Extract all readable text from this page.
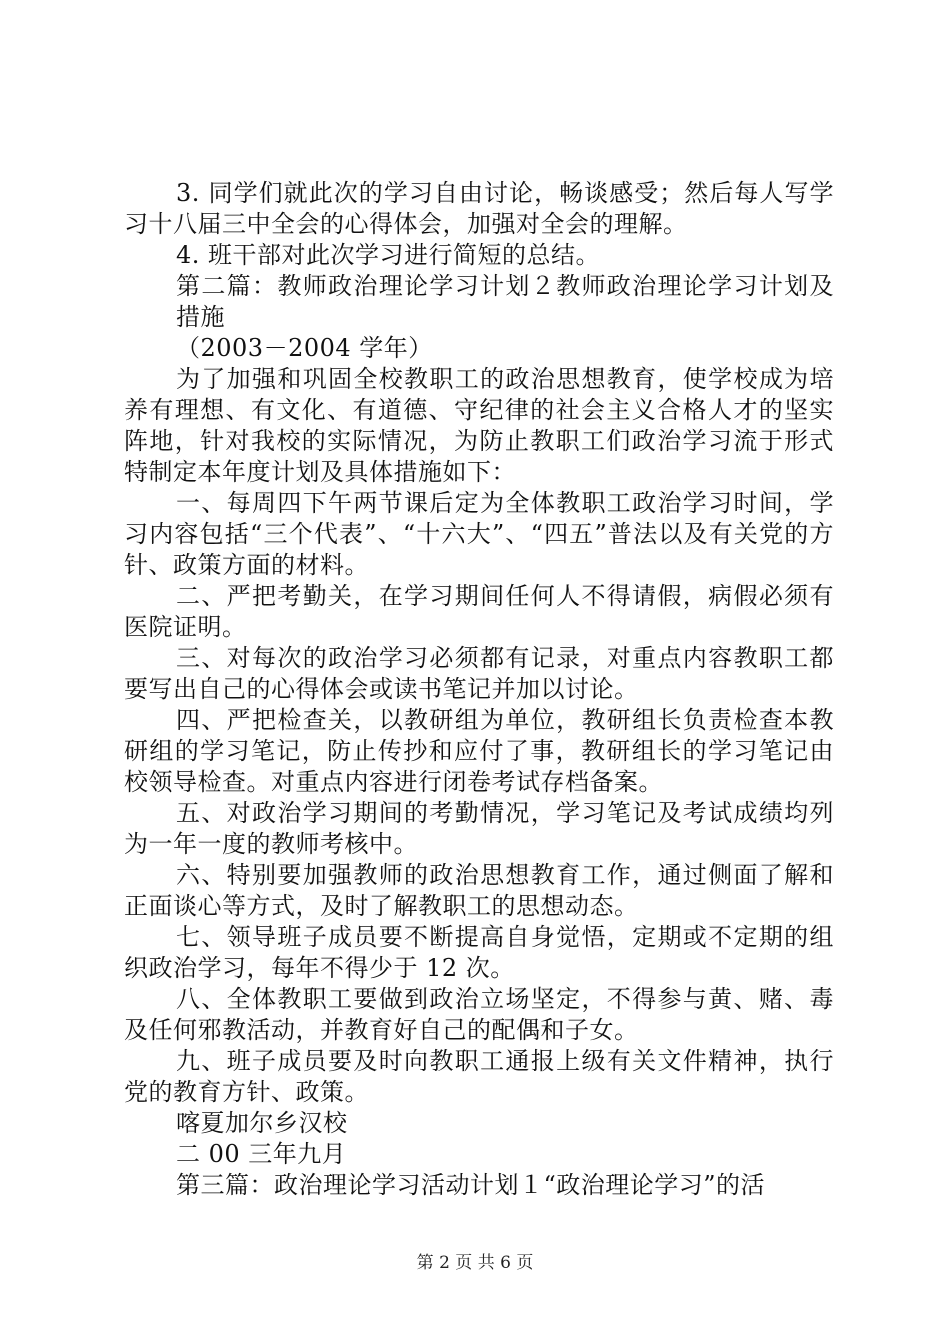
3. 同学们就此次的学习自由讨论，畅谈感受；然后每人写学习十八届三中全会的心得体会，加强对全会的理解。

4. 班干部对此次学习进行简短的总结。

第二篇：教师政治理论学习计划２教师政治理论学习计划及措施

（2003－2004 学年）

为了加强和巩固全校教职工的政治思想教育，使学校成为培养有理想、有文化、有道德、守纪律的社会主义合格人才的坚实阵地，针对我校的实际情况，为防止教职工们政治学习流于形式特制定本年度计划及具体措施如下：

一、每周四下午两节课后定为全体教职工政治学习时间，学习内容包括“三个代表”、“十六大”、“四五”普法以及有关党的方针、政策方面的材料。

二、严把考勤关，在学习期间任何人不得请假，病假必须有医院证明。

三、对每次的政治学习必须都有记录，对重点内容教职工都要写出自己的心得体会或读书笔记并加以讨论。

四、严把检查关，以教研组为单位，教研组长负责检查本教研组的学习笔记，防止传抄和应付了事，教研组长的学习笔记由校领导检查。对重点内容进行闭卷考试存档备案。

五、对政治学习期间的考勤情况，学习笔记及考试成绩均列为一年一度的教师考核中。

六、特别要加强教师的政治思想教育工作，通过侧面了解和正面谈心等方式，及时了解教职工的思想动态。

七、领导班子成员要不断提高自身觉悟，定期或不定期的组织政治学习，每年不得少于 12 次。

八、全体教职工要做到政治立场坚定，不得参与黄、赌、毒及任何邪教活动，并教育好自己的配偶和子女。

九、班子成员要及时向教职工通报上级有关文件精神，执行党的教育方针、政策。

喀夏加尔乡汉校

二 00 三年九月

第三篇：政治理论学习活动计划１“政治理论学习”的活

第 2 页 共 6 页
